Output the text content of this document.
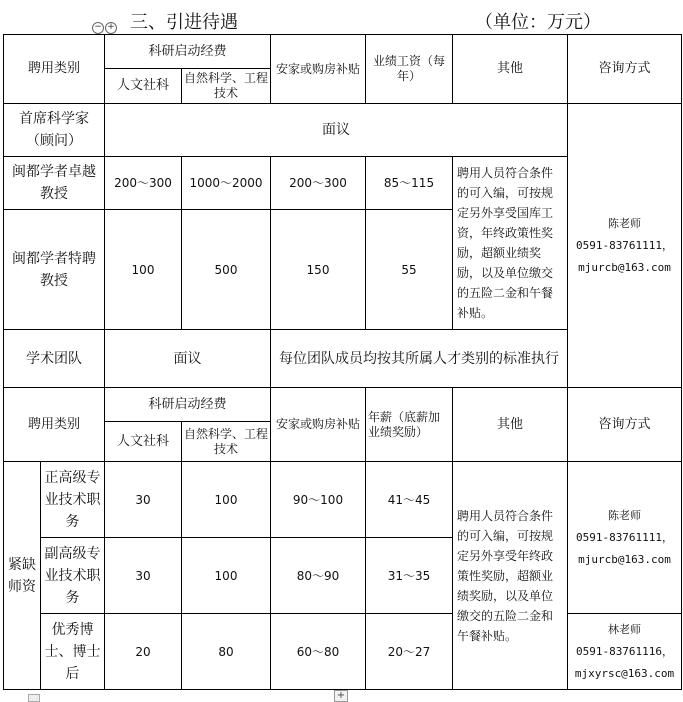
三、引进待遇	（单位：万元）
− +
聘用类别		科研启动经费		安家或购房补贴	业绩工资（每年）	其他	咨询方式
		人文社科	自然科学、工程技术				
首席科学家（顾问）		面议					陈老师
0591-83761111，
mjurcb@163.com

闽都学者卓越教授		200～300	1000～2000	200～300	85～115	聘用人员符合条件的可入编，可按规定另外享受国库工资，年终政策性奖励，超额业绩奖励，以及单位缴交的五险二金和午餐补贴。	
闽都学者特聘教授		100	500	150	55		
学术团队		面议		每位团队成员均按其所属人才类别的标准执行			
聘用类别		科研启动经费		安家或购房补贴	年薪（底薪加业绩奖励）	其他	咨询方式
		人文社科	自然科学、工程技术				
紧缺师资	正高级专业技术职务	30	100	90～100	41～45	聘用人员符合条件的可入编，可按规定另外享受年终政策性奖励，超额业绩奖励，以及单位缴交的五险二金和午餐补贴。	陈老师
0591-83761111，
mjurcb@163.com

	副高级专业技术职务	30	100	80～90	31～35		
	优秀博士、博士后	20	80	60～80	20～27		林老师
0591-83761116，
mjxyrsc@163.com
+
